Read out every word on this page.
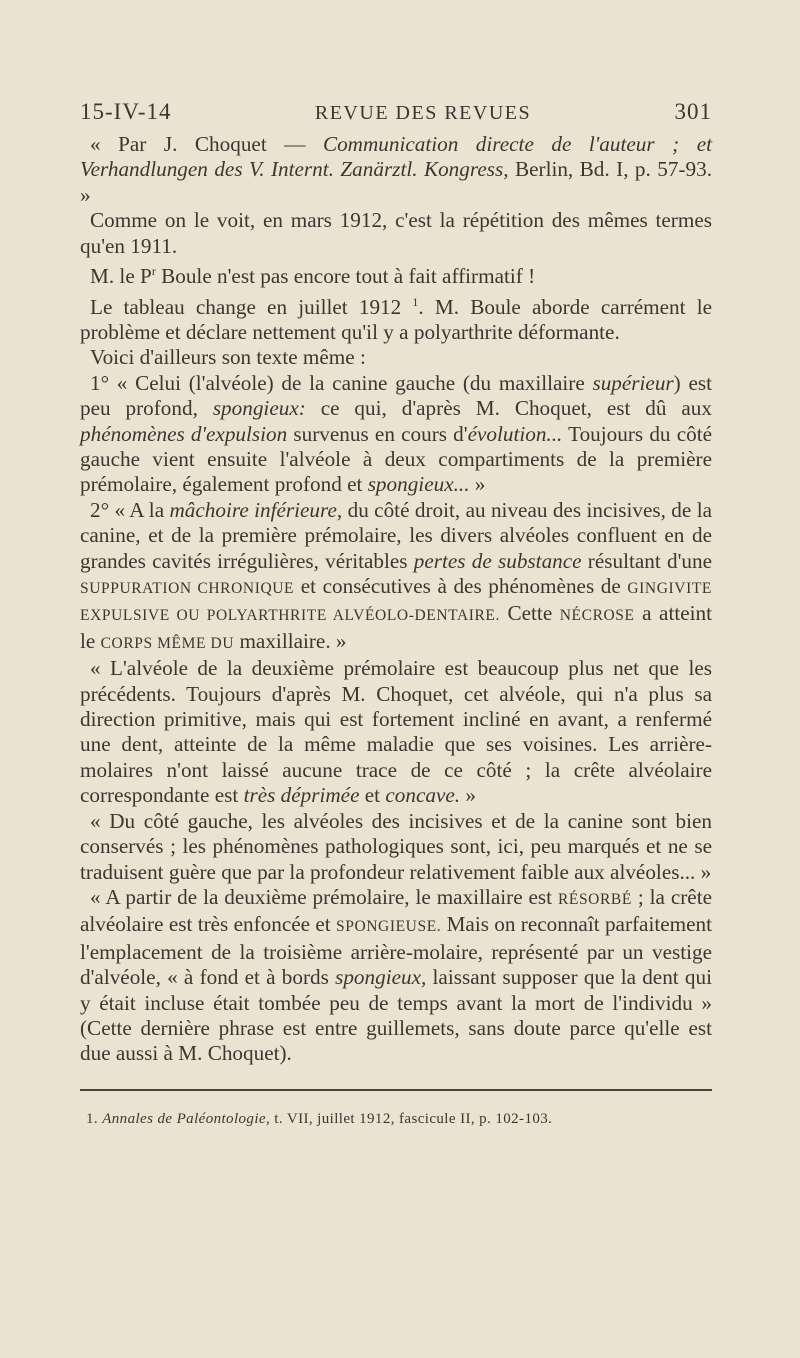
15-IV-14	REVUE DES REVUES	301

« Par J. Choquet — Communication directe de l'auteur ; et Verhandlungen des V. Internt. Zanärztl. Kongress, Berlin, Bd. I, p. 57-93. »

Comme on le voit, en mars 1912, c'est la répétition des mêmes termes qu'en 1911.

M. le $P^r$ Boule n'est pas encore tout à fait affirmatif !

Le tableau change en juillet 1912 $^1$. M. Boule aborde carrément le problème et déclare nettement qu'il y a polyarthrite déformante.

Voici d'ailleurs son texte même :

1° « Celui (l'alvéole) de la canine gauche (du maxillaire supérieur) est peu profond, spongieux: ce qui, d'après M. Choquet, est dû aux phénomènes d'expulsion survenus en cours d'évolution... Toujours du côté gauche vient ensuite l'alvéole à deux compartiments de la première prémolaire, également profond et spongieux... »

2° « A la mâchoire inférieure, du côté droit, au niveau des incisives, de la canine, et de la première prémolaire, les divers alvéoles confluent en de grandes cavités irrégulières, véritables pertes de substance résultant d'une SUPPURATION CHRONIQUE et consécutives à des phénomènes de GINGIVITE EXPULSIVE OU POLYARTHRITE ALVÉOLO-DENTAIRE. Cette NÉCROSE a atteint le CORPS MÊME DU maxillaire. »

« L'alvéole de la deuxième prémolaire est beaucoup plus net que les précédents. Toujours d'après M. Choquet, cet alvéole, qui n'a plus sa direction primitive, mais qui est fortement incliné en avant, a renfermé une dent, atteinte de la même maladie que ses voisines. Les arrière-molaires n'ont laissé aucune trace de ce côté ; la crête alvéolaire correspondante est très déprimée et concave. »

« Du côté gauche, les alvéoles des incisives et de la canine sont bien conservés ; les phénomènes pathologiques sont, ici, peu marqués et ne se traduisent guère que par la profondeur relativement faible aux alvéoles... »

« A partir de la deuxième prémolaire, le maxillaire est RÉSORBÉ ; la crête alvéolaire est très enfoncée et SPONGIEUSE. Mais on reconnaît parfaitement l'emplacement de la troisième arrière-molaire, représenté par un vestige d'alvéole, « à fond et à bords spongieux, laissant supposer que la dent qui y était incluse était tombée peu de temps avant la mort de l'individu » (Cette dernière phrase est entre guillemets, sans doute parce qu'elle est due aussi à M. Choquet).

1. Annales de Paléontologie, t. VII, juillet 1912, fascicule II, p. 102-103.
